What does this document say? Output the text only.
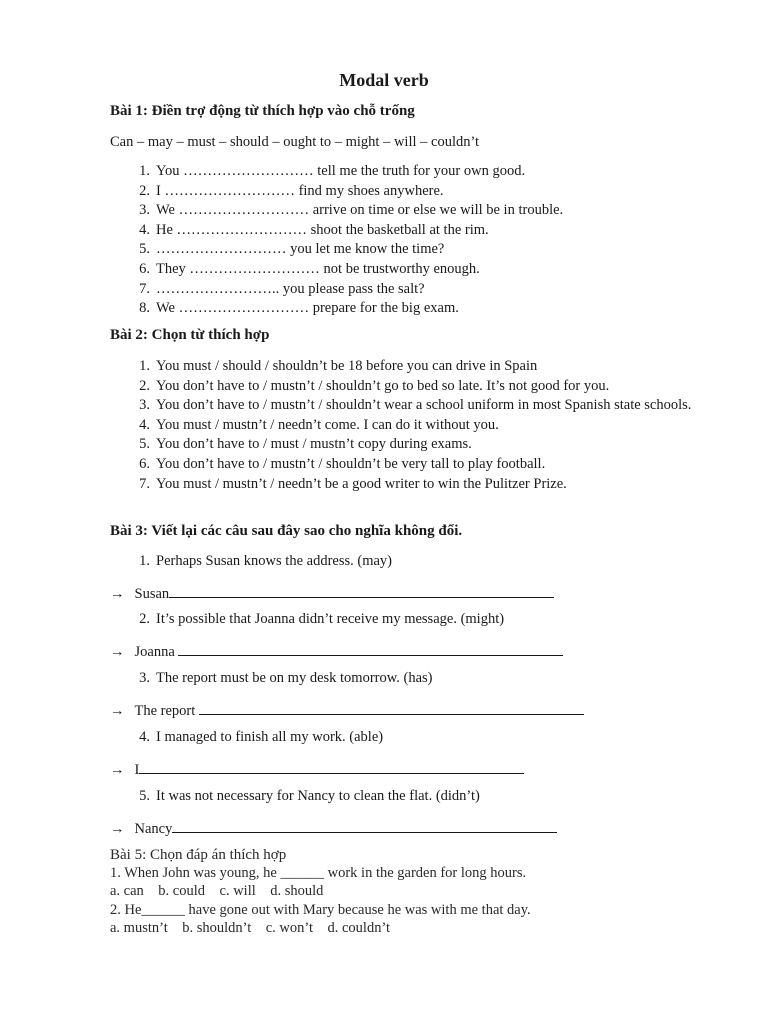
Modal verb
Bài 1: Điền trợ động từ thích hợp vào chỗ trống
Can – may – must – should – ought to – might – will – couldn’t
1. You ……………………… tell me the truth for your own good.
2. I ……………………… find my shoes anywhere.
3. We ……………………… arrive on time or else we will be in trouble.
4. He ……………………… shoot the basketball at the rim.
5. ……………………… you let me know the time?
6. They ……………………… not be trustworthy enough.
7. …………………….. you please pass the salt?
8. We ……………………… prepare for the big exam.
Bài 2: Chọn từ thích hợp
1. You must / should / shouldn’t be 18 before you can drive in Spain
2. You don’t have to / mustn’t / shouldn’t go to bed so late. It’s not good for you.
3. You don’t have to / mustn’t / shouldn’t wear a school uniform in most Spanish state schools.
4. You must / mustn’t / needn’t come. I can do it without you.
5. You don’t have to / must / mustn’t copy during exams.
6. You don’t have to / mustn’t / shouldn’t be very tall to play football.
7. You must / mustn’t / needn’t be a good writer to win the Pulitzer Prize.
Bài 3: Viết lại các câu sau đây sao cho nghĩa không đổi.
1. Perhaps Susan knows the address. (may)
→ Susan
2. It’s possible that Joanna didn’t receive my message. (might)
→ Joanna
3. The report must be on my desk tomorrow. (has)
→ The report
4. I managed to finish all my work. (able)
→ I
5. It was not necessary for Nancy to clean the flat. (didn’t)
→ Nancy
Bài 5: Chọn đáp án thích hợp
1. When John was young, he ______ work in the garden for long hours.
a. can    b. could    c. will    d. should
2. He______ have gone out with Mary because he was with me that day.
a. mustn’t    b. shouldn’t    c. won’t    d. couldn’t
